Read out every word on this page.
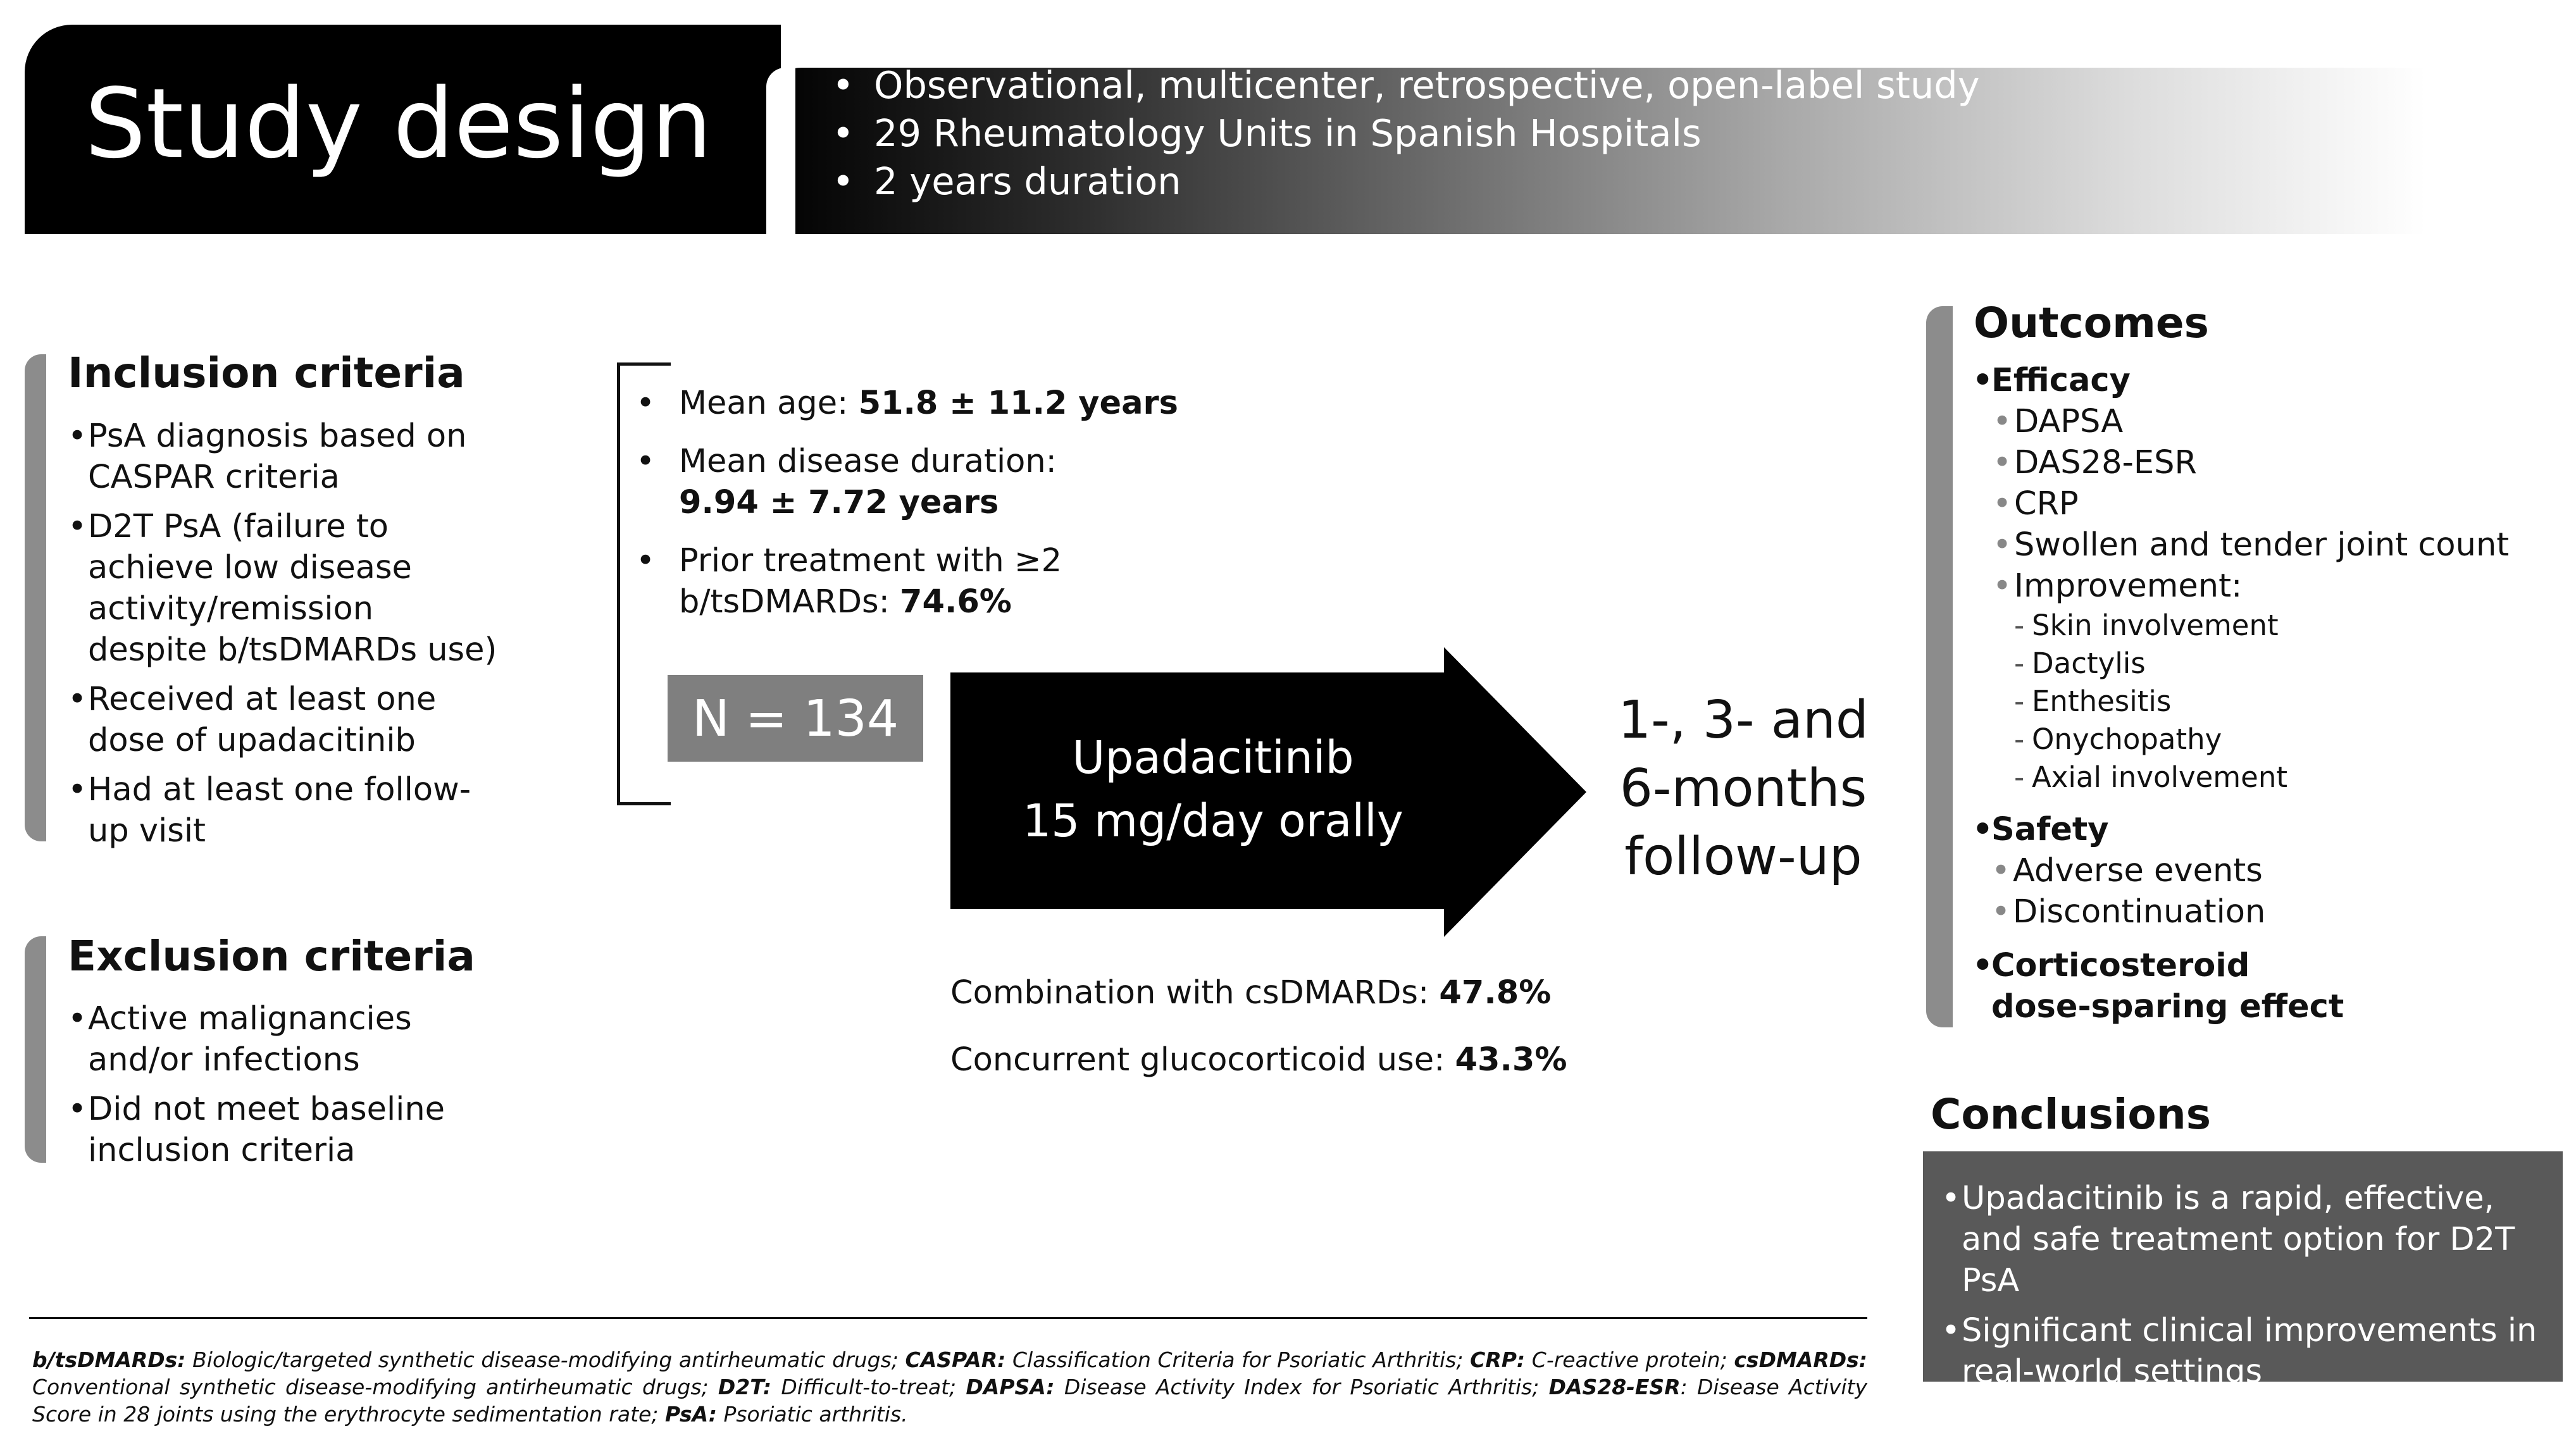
Study design
•	Observational, multicenter, retrospective, open-label study
• 29 Rheumatology Units in Spanish Hospitals
• 2 years duration
Inclusion criteria
• PsA diagnosis based on CASPAR criteria
• D2T PsA (failure to achieve low disease activity/remission despite b/tsDMARDs use)
• Received at least one dose of upadacitinib
• Had at least one follow-up visit
Exclusion criteria
• Active malignancies and/or infections
• Did not meet baseline inclusion criteria
• Mean age: 51.8 ± 11.2 years
• Mean disease duration:
9.94 ± 7.72 years
• Prior treatment with ≥2
b/tsDMARDs: 74.6%
N = 134
Upadacitinib
15 mg/day orally
1-, 3- and
6-months
follow-up
Combination with csDMARDs: 47.8%
Concurrent glucocorticoid use: 43.3%
Outcomes
• Efficacy
• DAPSA
• DAS28-ESR
• CRP
• Swollen and tender joint count
• Improvement:
- Skin involvement
- Dactylis
- Enthesitis
- Onychopathy
- Axial involvement
• Safety
• Adverse events
• Discontinuation
• Corticosteroid
dose-sparing effect
Conclusions
• Upadacitinib is a rapid, effective, and safe treatment option for D2T PsA
• Significant clinical improvements in real-world settings
b/tsDMARDs: Biologic/targeted synthetic disease-modifying antirheumatic drugs; CASPAR: Classification Criteria for Psoriatic Arthritis; CRP: C-reactive protein; csDMARDs: Conventional synthetic disease-modifying antirheumatic drugs; D2T: Difficult-to-treat; DAPSA: Disease Activity Index for Psoriatic Arthritis; DAS28-ESR: Disease Activity Score in 28 joints using the erythrocyte sedimentation rate; PsA: Psoriatic arthritis.
